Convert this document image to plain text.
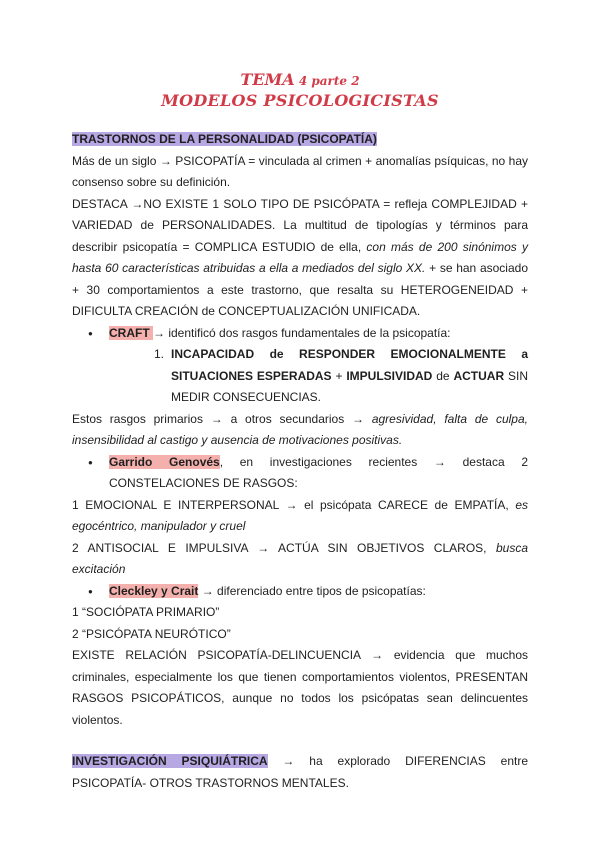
TEMA 4 parte 2
MODELOS PSICOLOGICISTAS

TRASTORNOS DE LA PERSONALIDAD (PSICOPATÍA)

Más de un siglo → PSICOPATÍA = vinculada al crimen + anomalías psíquicas, no hay consenso sobre su definición.

DESTACA →NO EXISTE 1 SOLO TIPO DE PSICÓPATA = refleja COMPLEJIDAD + VARIEDAD de PERSONALIDADES. La multitud de tipologías y términos para describir psicopatía = COMPLICA ESTUDIO de ella, con más de 200 sinónimos y hasta 60 características atribuidas a ella a mediados del siglo XX. + se han asociado + 30 comportamientos a este trastorno, que resalta su HETEROGENEIDAD + DIFICULTA CREACIÓN de CONCEPTUALIZACIÓN UNIFICADA.

● CRAFT → identificó dos rasgos fundamentales de la psicopatía:

1. INCAPACIDAD de RESPONDER EMOCIONALMENTE a SITUACIONES ESPERADAS + IMPULSIVIDAD de ACTUAR SIN MEDIR CONSECUENCIAS.

Estos rasgos primarios → a otros secundarios → agresividad, falta de culpa, insensibilidad al castigo y ausencia de motivaciones positivas.

● Garrido Genovés, en investigaciones recientes → destaca 2 CONSTELACIONES DE RASGOS:

1 EMOCIONAL E INTERPERSONAL → el psicópata CARECE de EMPATÍA, es egocéntrico, manipulador y cruel

2 ANTISOCIAL E IMPULSIVA → ACTÚA SIN OBJETIVOS CLAROS, busca excitación

● Cleckley y Crait → diferenciado entre tipos de psicopatías:

1 “SOCIÓPATA PRIMARIO”

2 “PSICÓPATA NEURÓTICO”

EXISTE RELACIÓN PSICOPATÍA-DELINCUENCIA → evidencia que muchos criminales, especialmente los que tienen comportamientos violentos, PRESENTAN RASGOS PSICOPÁTICOS, aunque no todos los psicópatas sean delincuentes violentos.

INVESTIGACIÓN PSIQUIÁTRICA → ha explorado DIFERENCIAS entre PSICOPATÍA- OTROS TRASTORNOS MENTALES.
